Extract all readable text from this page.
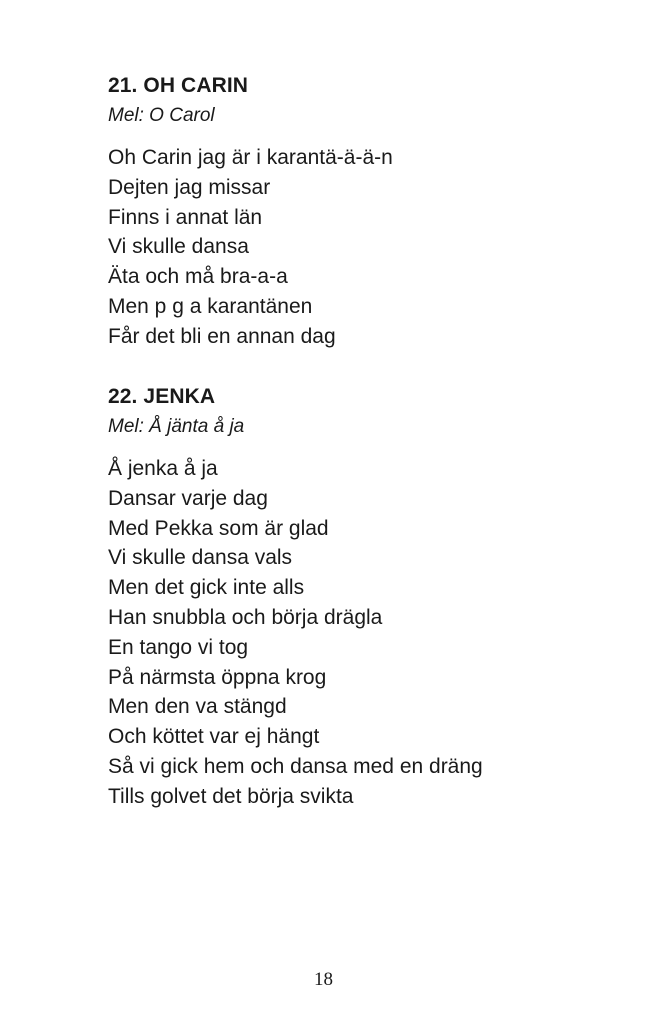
21. OH CARIN

Mel: O Carol

Oh Carin jag är i karantä-ä-ä-n
Dejten jag missar
Finns i annat län
Vi skulle dansa
Äta och må bra-a-a
Men p g a karantänen
Får det bli en annan dag
22. JENKA

Mel: Å jänta å ja

Å jenka å ja
Dansar varje dag
Med Pekka som är glad
Vi skulle dansa vals
Men det gick inte alls
Han snubbla och börja drägla
En tango vi tog
På närmsta öppna krog
Men den va stängd
Och köttet var ej hängt
Så vi gick hem och dansa med en dräng
Tills golvet det börja svikta
18
